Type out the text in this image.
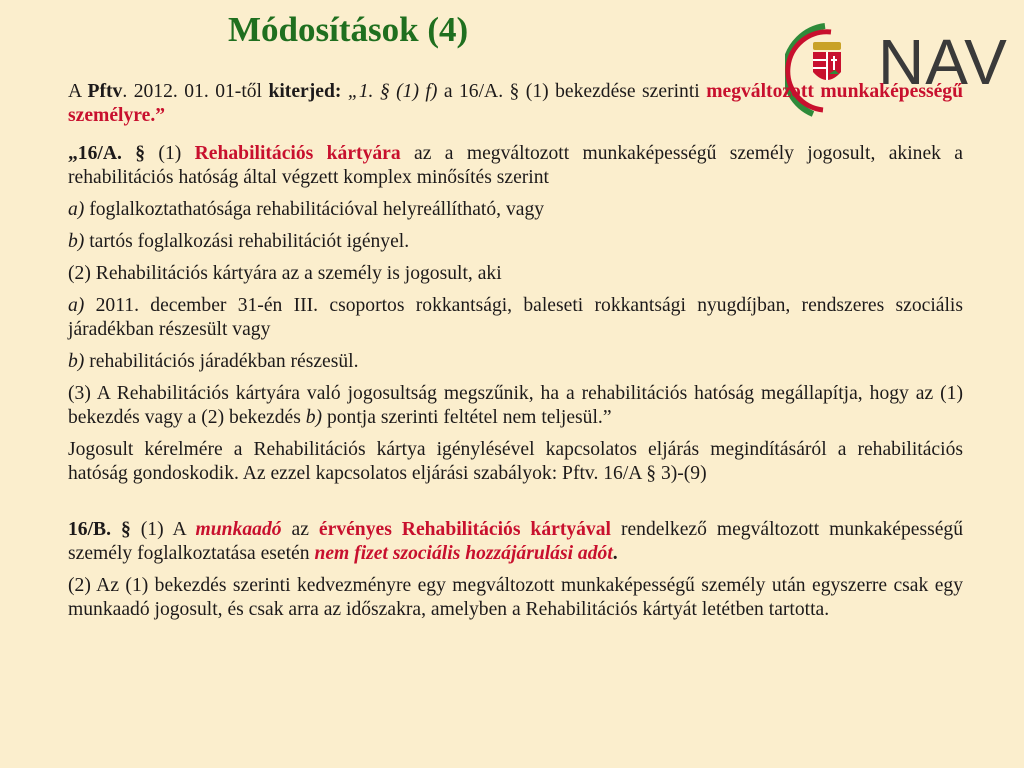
Módosítások (4)	NAV

A Pftv. 2012. 01. 01-től kiterjed: „1. § (1) f) a 16/A. § (1) bekezdése szerinti megváltozott munkaképességű személyre.”

„16/A. § (1) Rehabilitációs kártyára az a megváltozott munkaképességű személy jogosult, akinek a rehabilitációs hatóság által végzett komplex minősítés szerint

a) foglalkoztathatósága rehabilitációval helyreállítható, vagy

b) tartós foglalkozási rehabilitációt igényel.

(2) Rehabilitációs kártyára az a személy is jogosult, aki

a) 2011. december 31-én III. csoportos rokkantsági, baleseti rokkantsági nyugdíjban, rendszeres szociális járadékban részesült vagy

b) rehabilitációs járadékban részesül.

(3) A Rehabilitációs kártyára való jogosultság megszűnik, ha a rehabilitációs hatóság megállapítja, hogy az (1) bekezdés vagy a (2) bekezdés b) pontja szerinti feltétel nem teljesül.”

Jogosult kérelmére a Rehabilitációs kártya igénylésével kapcsolatos eljárás megindításáról a rehabilitációs hatóság gondoskodik. Az ezzel kapcsolatos eljárási szabályok: Pftv. 16/A § 3)-(9)

16/B. § (1) A munkaadó az érvényes Rehabilitációs kártyával rendelkező megváltozott munkaképességű személy foglalkoztatása esetén nem fizet szociális hozzájárulási adót.

(2) Az (1) bekezdés szerinti kedvezményre egy megváltozott munkaképességű személy után egyszerre csak egy munkaadó jogosult, és csak arra az időszakra, amelyben a Rehabilitációs kártyát letétben tartotta.
